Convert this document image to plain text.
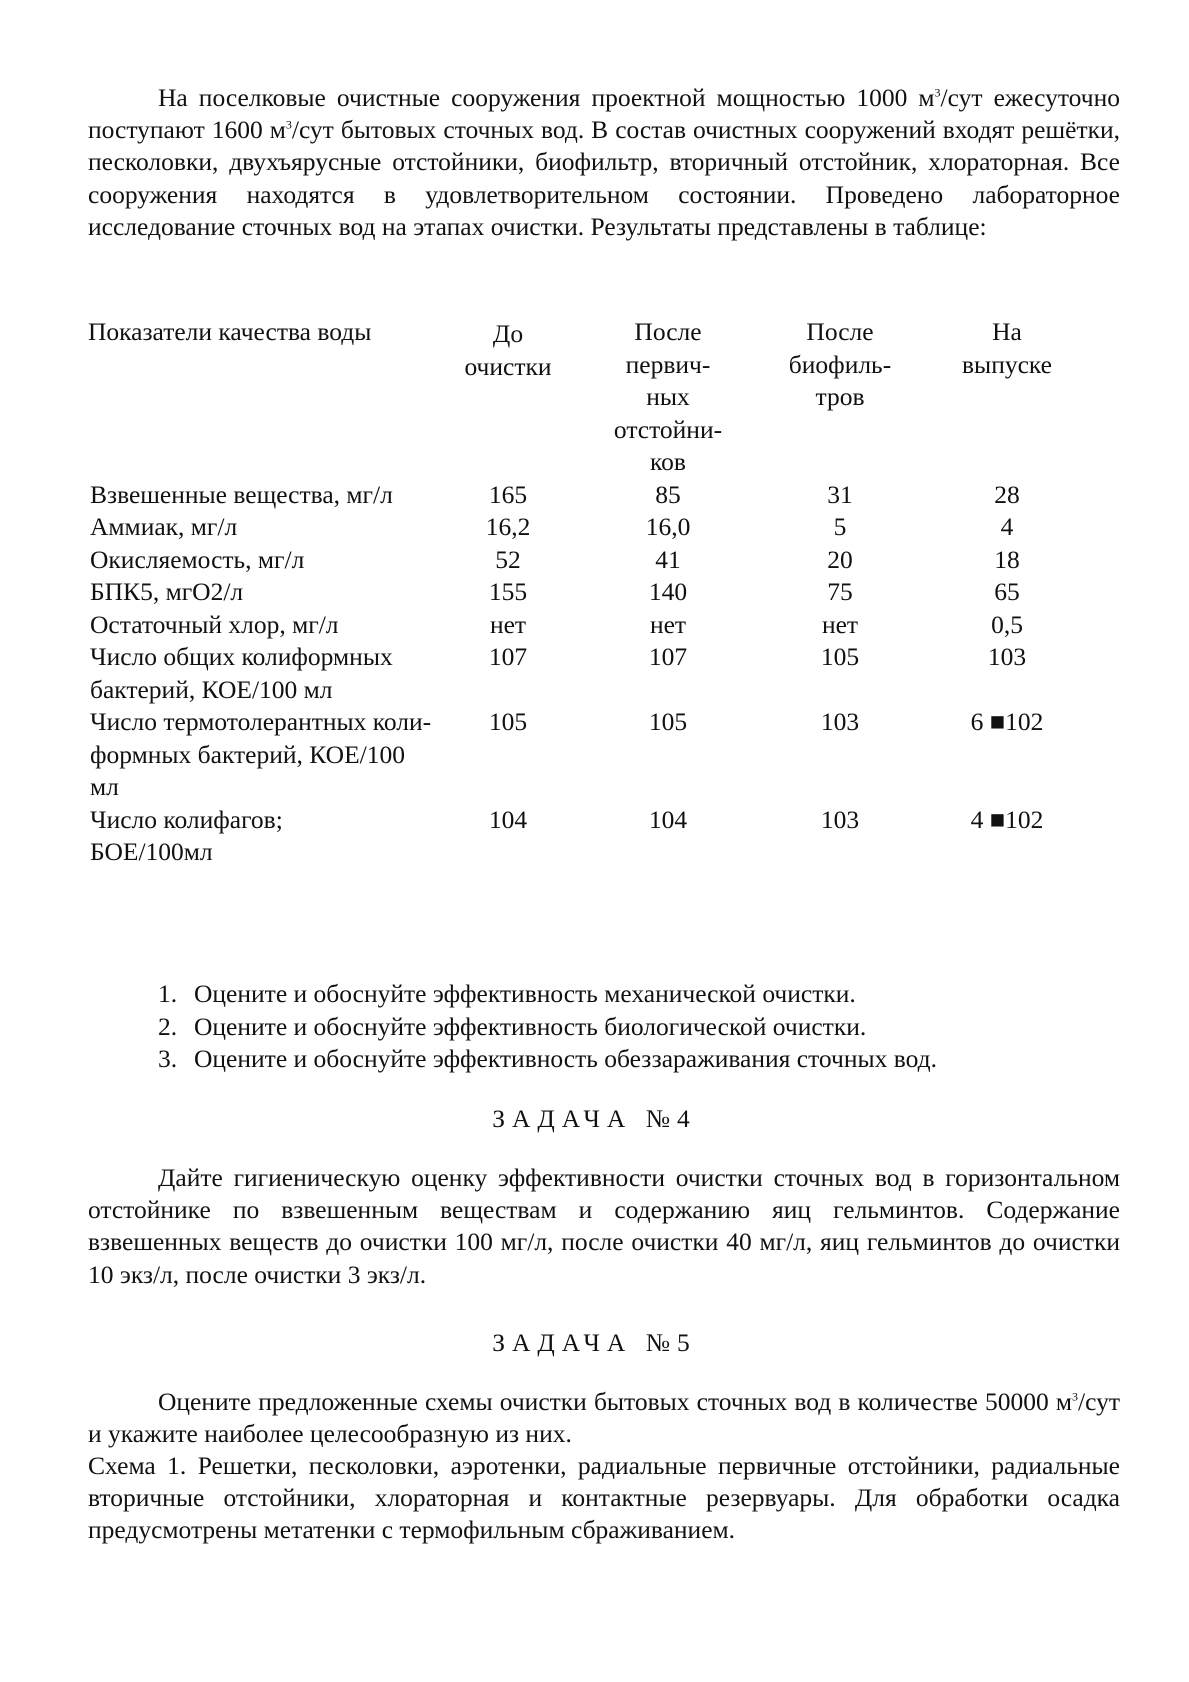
На поселковые очистные сооружения проектной мощностью 1000 $м^3$/сут ежесуточно поступают 1600 $м^3$/сут бытовых сточных вод. В состав очистных сооружений входят решётки, песколовки, двухъярусные отстойники, биофильтр, вторичный отстойник, хлораторная. Все сооружения находятся в удовлетворительном состоянии. Проведено лабораторное исследование сточных вод на этапах очистки. Результаты представлены в таблице:

Показатели качества воды	До очистки	После первич-ных отстойни-ков	После биофиль-тров	На выпуске
Взвешенные вещества, мг/л	165	85	31	28
Аммиак, мг/л	16,2	16,0	5	4
Окисляемость, мг/л	52	41	20	18
БПК5, мгО2/л	155	140	75	65
Остаточный хлор, мг/л	нет	нет	нет	0,5
Число общих колиформных бактерий, КОЕ/100 мл	107	107	105	103
Число термотолерантных коли-формных бактерий, КОЕ/100 мл	105	105	103	6 ■102
Число колифагов; БОЕ/100мл	104	104	103	4 ■102
1. Оцените и обоснуйте эффективность механической очистки.
2. Оцените и обоснуйте эффективность биологической очистки.
3. Оцените и обоснуйте эффективность обеззараживания сточных вод.
ЗАДАЧА №4

Дайте гигиеническую оценку эффективности очистки сточных вод в горизонтальном отстойнике по взвешенным веществам и содержанию яиц гельминтов. Содержание взвешенных веществ до очистки 100 мг/л, после очистки 40 мг/л, яиц гельминтов до очистки 10 экз/л, после очистки 3 экз/л.

ЗАДАЧА №5

Оцените предложенные схемы очистки бытовых сточных вод в количестве 50000 $м^3$/сут и укажите наиболее целесообразную из них.

Схема 1. Решетки, песколовки, аэротенки, радиальные первичные отстойники, радиальные вторичные отстойники, хлораторная и контактные резервуары. Для обработки осадка предусмотрены метатенки с термофильным сбраживанием.
